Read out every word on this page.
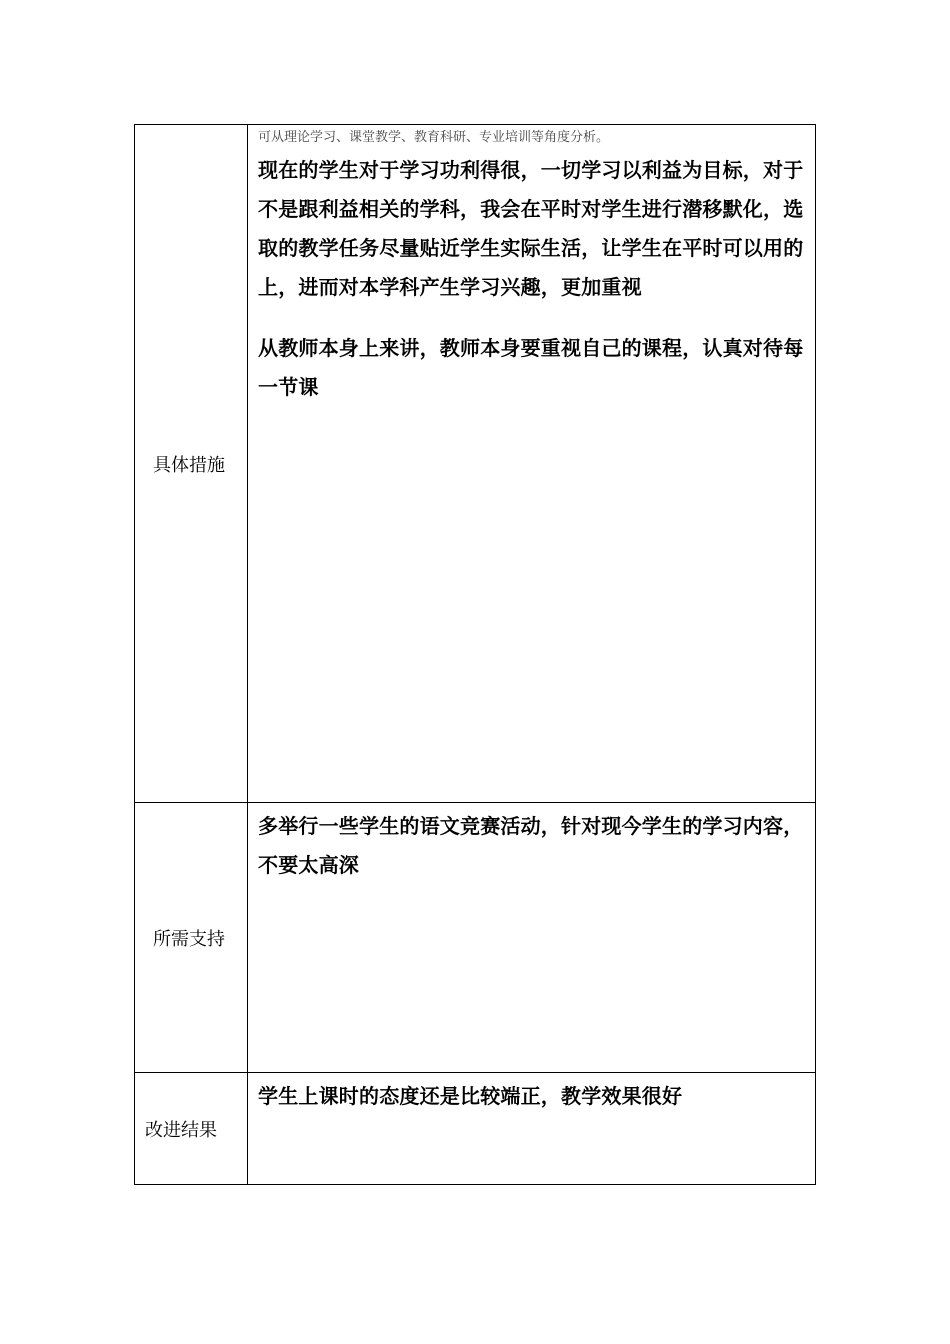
具体措施	可从理论学习、课堂教学、教育科研、专业培训等角度分析。

现在的学生对于学习功利得很，一切学习以利益为目标，对于不是跟利益相关的学科，我会在平时对学生进行潜移默化，选取的教学任务尽量贴近学生实际生活，让学生在平时可以用的上，进而对本学科产生学习兴趣，更加重视

从教师本身上来讲，教师本身要重视自己的课程，认真对待每一节课

所需支持	多举行一些学生的语文竞赛活动，针对现今学生的学习内容，不要太高深

改进结果	学生上课时的态度还是比较端正，教学效果很好
